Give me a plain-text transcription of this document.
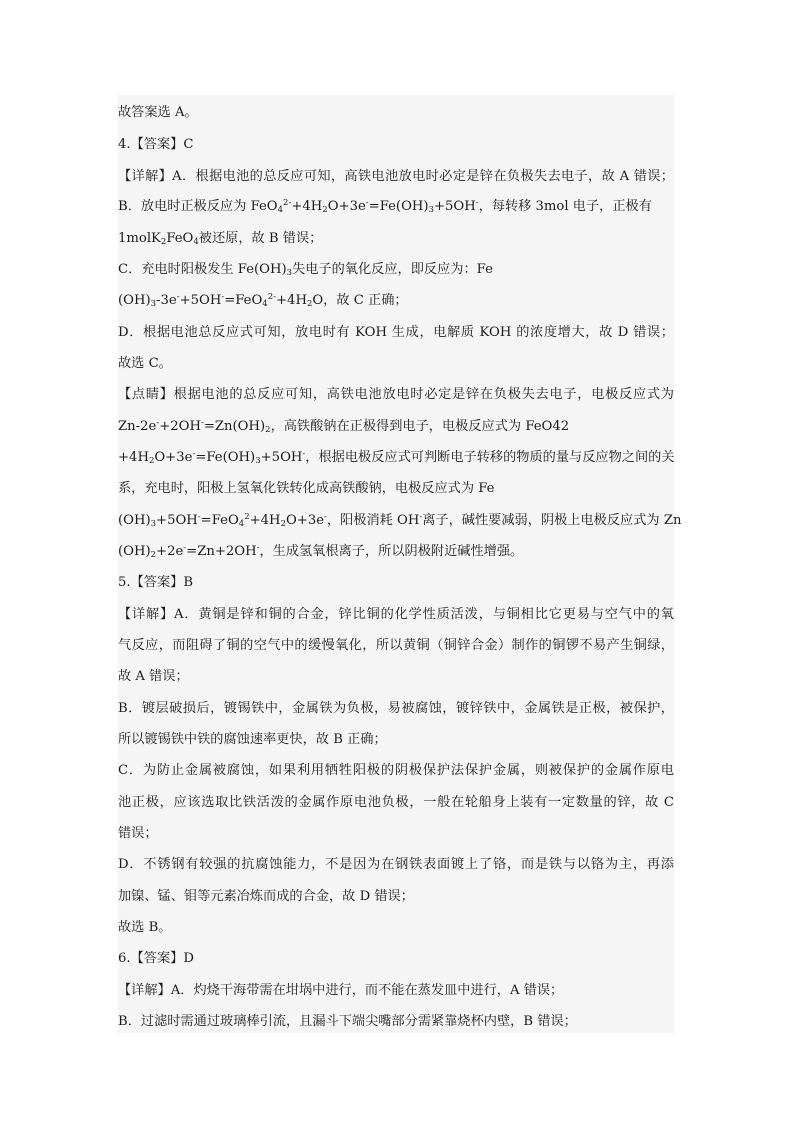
故答案选 A。
4.【答案】C
【详解】A．根据电池的总反应可知，高铁电池放电时必定是锌在负极失去电子，故 A 错误；
B．放电时正极反应为 $FeO_4^{2-}+4H_2O+3e^-=Fe(OH)_3+5OH^-$，每转移 3mol 电子，正极有
1molK$_2$FeO$_4$被还原，故 B 错误；
C．充电时阳极发生 $Fe(OH)_3$失电子的氧化反应，即反应为：Fe
$(OH)_3-3e^-+5OH^-=FeO_4^{2-}+4H_2O$，故 C 正确；
D．根据电池总反应式可知，放电时有 KOH 生成，电解质 KOH 的浓度增大，故 D 错误；
故选 C。
【点睛】根据电池的总反应可知，高铁电池放电时必定是锌在负极失去电子，电极反应式为
$Zn-2e^-+2OH^-=Zn(OH)_2$，高铁酸钠在正极得到电子，电极反应式为 FeO42
$+4H_2O+3e^-=Fe(OH)_3+5OH^-$，根据电极反应式可判断电子转移的物质的量与反应物之间的关
系，充电时，阳极上氢氧化铁转化成高铁酸钠，电极反应式为 Fe
$(OH)_3+5OH^-=FeO_4^2+4H_2O+3e^-$，阳极消耗 OH-离子，碱性要减弱，阴极上电极反应式为 Zn
$(OH)_2+2e^-=Zn+2OH^-$，生成氢氧根离子，所以阴极附近碱性增强。
5.【答案】B
【详解】A．黄铜是锌和铜的合金，锌比铜的化学性质活泼，与铜相比它更易与空气中的氧
气反应，而阻碍了铜的空气中的缓慢氧化，所以黄铜（铜锌合金）制作的铜锣不易产生铜绿，
故 A 错误；
B．镀层破损后，镀锡铁中，金属铁为负极，易被腐蚀，镀锌铁中，金属铁是正极，被保护，
所以镀锡铁中铁的腐蚀速率更快，故 B 正确；
C．为防止金属被腐蚀，如果利用牺牲阳极的阴极保护法保护金属，则被保护的金属作原电
池正极，应该选取比铁活泼的金属作原电池负极，一般在轮船身上装有一定数量的锌，故 C
错误；
D．不锈钢有较强的抗腐蚀能力，不是因为在钢铁表面镀上了铬，而是铁与以铬为主，再添
加镍、锰、钼等元素冶炼而成的合金，故 D 错误；
故选 B。
6.【答案】D
【详解】A．灼烧干海带需在坩埚中进行，而不能在蒸发皿中进行，A 错误；
B．过滤时需通过玻璃棒引流，且漏斗下端尖嘴部分需紧靠烧杯内壁，B 错误；
